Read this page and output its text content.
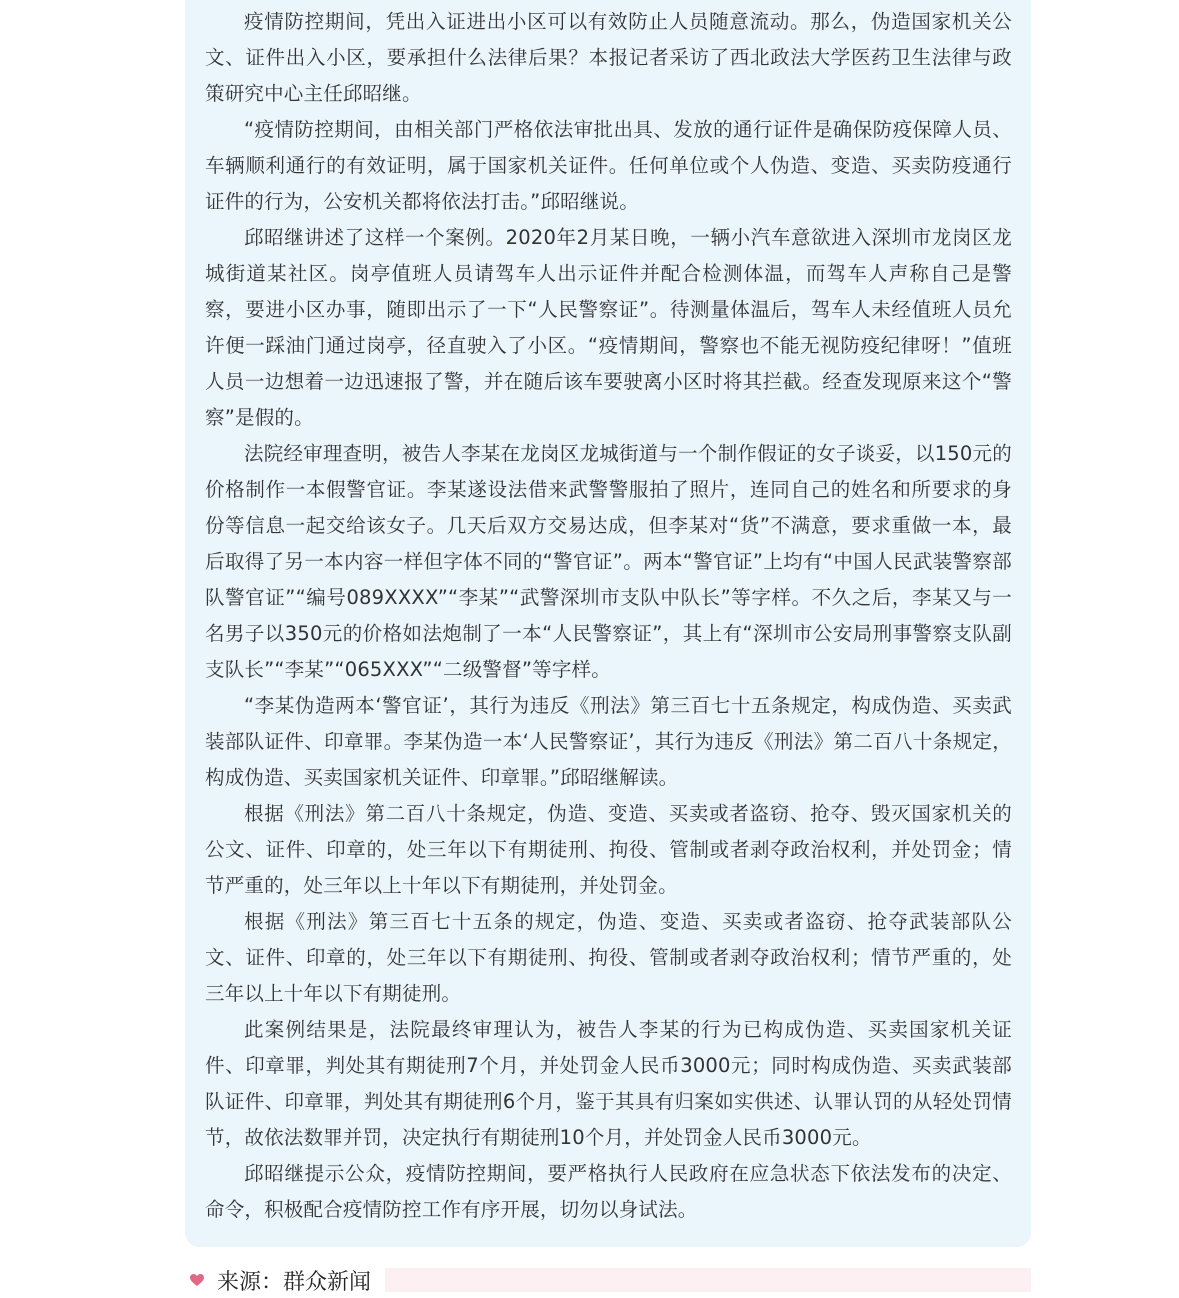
疫情防控期间，凭出入证进出小区可以有效防止人员随意流动。那么，伪造国家机关公文、证件出入小区，要承担什么法律后果？本报记者采访了西北政法大学医药卫生法律与政策研究中心主任邱昭继。

“疫情防控期间，由相关部门严格依法审批出具、发放的通行证件是确保防疫保障人员、车辆顺利通行的有效证明，属于国家机关证件。任何单位或个人伪造、变造、买卖防疫通行证件的行为，公安机关都将依法打击。”邱昭继说。

邱昭继讲述了这样一个案例。2020年2月某日晚，一辆小汽车意欲进入深圳市龙岗区龙城街道某社区。岗亭值班人员请驾车人出示证件并配合检测体温，而驾车人声称自己是警察，要进小区办事，随即出示了一下“人民警察证”。待测量体温后，驾车人未经值班人员允许便一踩油门通过岗亭，径直驶入了小区。“疫情期间，警察也不能无视防疫纪律呀！”值班人员一边想着一边迅速报了警，并在随后该车要驶离小区时将其拦截。经查发现原来这个“警察”是假的。

法院经审理查明，被告人李某在龙岗区龙城街道与一个制作假证的女子谈妥，以150元的价格制作一本假警官证。李某遂设法借来武警警服拍了照片，连同自己的姓名和所要求的身份等信息一起交给该女子。几天后双方交易达成，但李某对“货”不满意，要求重做一本，最后取得了另一本内容一样但字体不同的“警官证”。两本“警官证”上均有“中国人民武装警察部队警官证”“编号089XXXX”“李某”“武警深圳市支队中队长”等字样。不久之后，李某又与一名男子以350元的价格如法炮制了一本“人民警察证”，其上有“深圳市公安局刑事警察支队副支队长”“李某”“065XXX”“二级警督”等字样。

“李某伪造两本‘警官证’，其行为违反《刑法》第三百七十五条规定，构成伪造、买卖武装部队证件、印章罪。李某伪造一本‘人民警察证’，其行为违反《刑法》第二百八十条规定，构成伪造、买卖国家机关证件、印章罪。”邱昭继解读。

根据《刑法》第二百八十条规定，伪造、变造、买卖或者盗窃、抢夺、毁灭国家机关的公文、证件、印章的，处三年以下有期徒刑、拘役、管制或者剥夺政治权利，并处罚金；情节严重的，处三年以上十年以下有期徒刑，并处罚金。

根据《刑法》第三百七十五条的规定，伪造、变造、买卖或者盗窃、抢夺武装部队公文、证件、印章的，处三年以下有期徒刑、拘役、管制或者剥夺政治权利；情节严重的，处三年以上十年以下有期徒刑。

此案例结果是，法院最终审理认为，被告人李某的行为已构成伪造、买卖国家机关证件、印章罪，判处其有期徒刑7个月，并处罚金人民币3000元；同时构成伪造、买卖武装部队证件、印章罪，判处其有期徒刑6个月，鉴于其具有归案如实供述、认罪认罚的从轻处罚情节，故依法数罪并罚，决定执行有期徒刑10个月，并处罚金人民币3000元。

邱昭继提示公众，疫情防控期间，要严格执行人民政府在应急状态下依法发布的决定、命令，积极配合疫情防控工作有序开展，切勿以身试法。

来源：群众新闻
